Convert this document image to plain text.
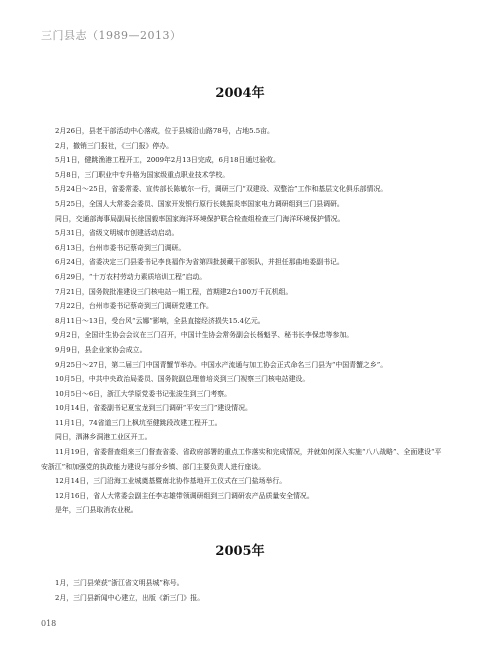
三门县志（1989—2013）
2004年

2月26日，县老干部活动中心落成，位于县城沿山路78号，占地5.5亩。

2月，撤销三门报社，《三门报》停办。

5月1日，健跳渔港工程开工，2009年2月13日完成，6月18日通过验收。

5月8日，三门职业中专升格为国家级重点职业技术学校。

5月24日～25日，省委常委、宣传部长陈敏尔一行，调研三门“双建设、双整治”工作和基层文化俱乐部情况。

5月25日，全国人大常委会委员、国家开发银行原行长姚振炎率国家电力调研组到三门县调研。

同日，交通部海事局副局长徐国毅率国家海洋环境保护联合检查组检查三门海洋环境保护情况。

5月31日，省级文明城市创建活动启动。

6月13日，台州市委书记蔡奇到三门调研。

6月24日，省委决定三门县委书记李良福作为省第四批援藏干部领队，并担任那曲地委副书记。

6月29日，“十万农村劳动力素质培训工程”启动。

7月21日，国务院批准建设三门核电站一期工程，首期建2台100万千瓦机组。

7月22日，台州市委书记蔡奇到三门调研党建工作。

8月11日～13日，受台风“云娜”影响，全县直接经济损失15.4亿元。

9月2日，全国计生协会会议在三门召开，中国计生协会常务副会长杨魁孚、秘书长李保忠等参加。

9月9日，县企业家协会成立。

9月25日～27日，第二届三门中国青蟹节举办。中国水产流通与加工协会正式命名三门县为“中国青蟹之乡”。

10月5日，中共中央政治局委员、国务院副总理曾培炎到三门视察三门核电站建设。

10月5日～6日，浙江大学原党委书记张浚生到三门考察。

10月14日，省委副书记夏宝龙到三门调研“平安三门”建设情况。

11月1日，74省道三门上枫坑至健跳段改建工程开工。

同日，泗淋乡洞港工业区开工。

11月19日，省委督查组来三门督查省委、省政府部署的重点工作落实和完成情况，并就如何深入实施“八八战略”、全面建设“平安浙江”和加强党的执政能力建设与部分乡镇、部门主要负责人进行座谈。

12月14日，三门沿海工业城奠基暨南北协作基地开工仪式在三门盐场举行。

12月16日，省人大常委会副主任李志雄带领调研组到三门调研农产品质量安全情况。

是年，三门县取消农业税。

2005年

1月，三门县荣获“浙江省文明县城”称号。

2月，三门县新闻中心建立，出版《新三门》报。

018
